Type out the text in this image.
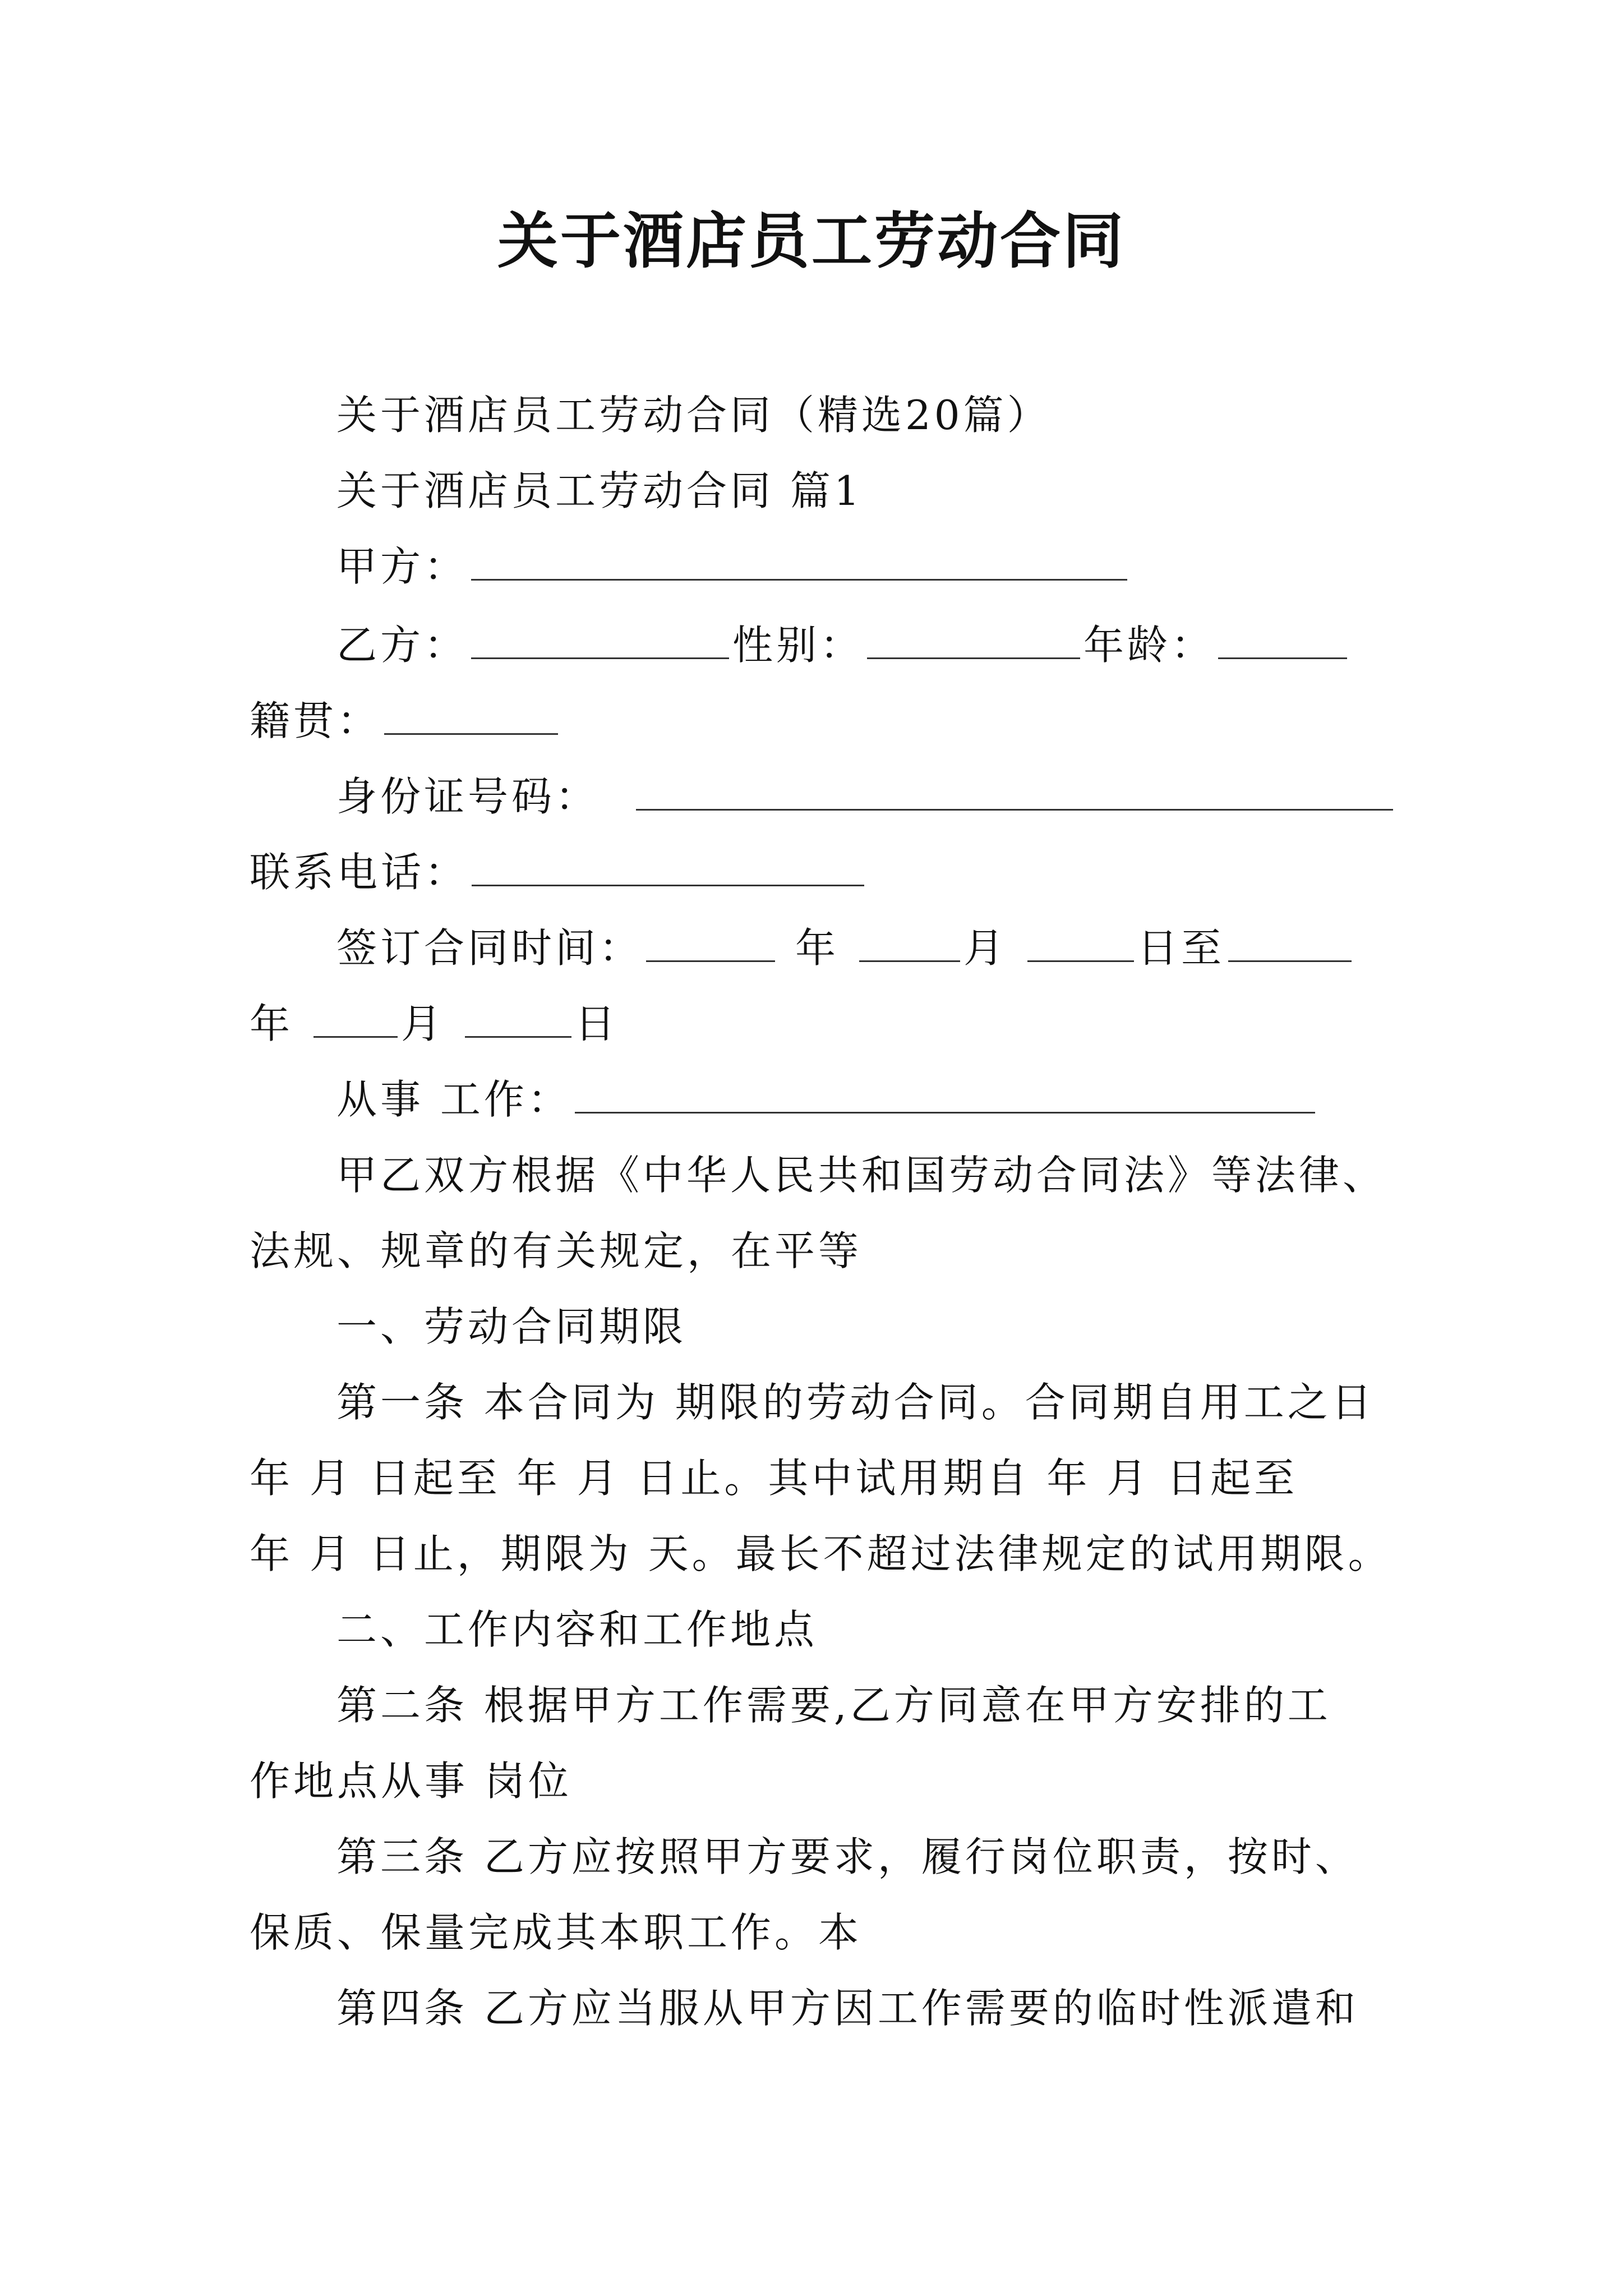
关于酒店员工劳动合同
关于酒店员工劳动合同（精选20篇）
关于酒店员工劳动合同 篇1
甲方：
乙方：	性别：	年龄：
籍贯：
身份证号码：
联系电话：
签订合同时间：	年	月	日至
年	月	日
从事 工作：
甲乙双方根据《中华人民共和国劳动合同法》等法律、
法规、规章的有关规定，在平等
一、劳动合同期限
第一条 本合同为 期限的劳动合同。合同期自用工之日
年 月 日起至 年 月 日止。其中试用期自 年 月 日起至
年 月 日止，期限为 天。最长不超过法律规定的试用期限。
二、工作内容和工作地点
第二条 根据甲方工作需要,乙方同意在甲方安排的工
作地点从事 岗位
第三条 乙方应按照甲方要求，履行岗位职责，按时、
保质、保量完成其本职工作。本
第四条 乙方应当服从甲方因工作需要的临时性派遣和
